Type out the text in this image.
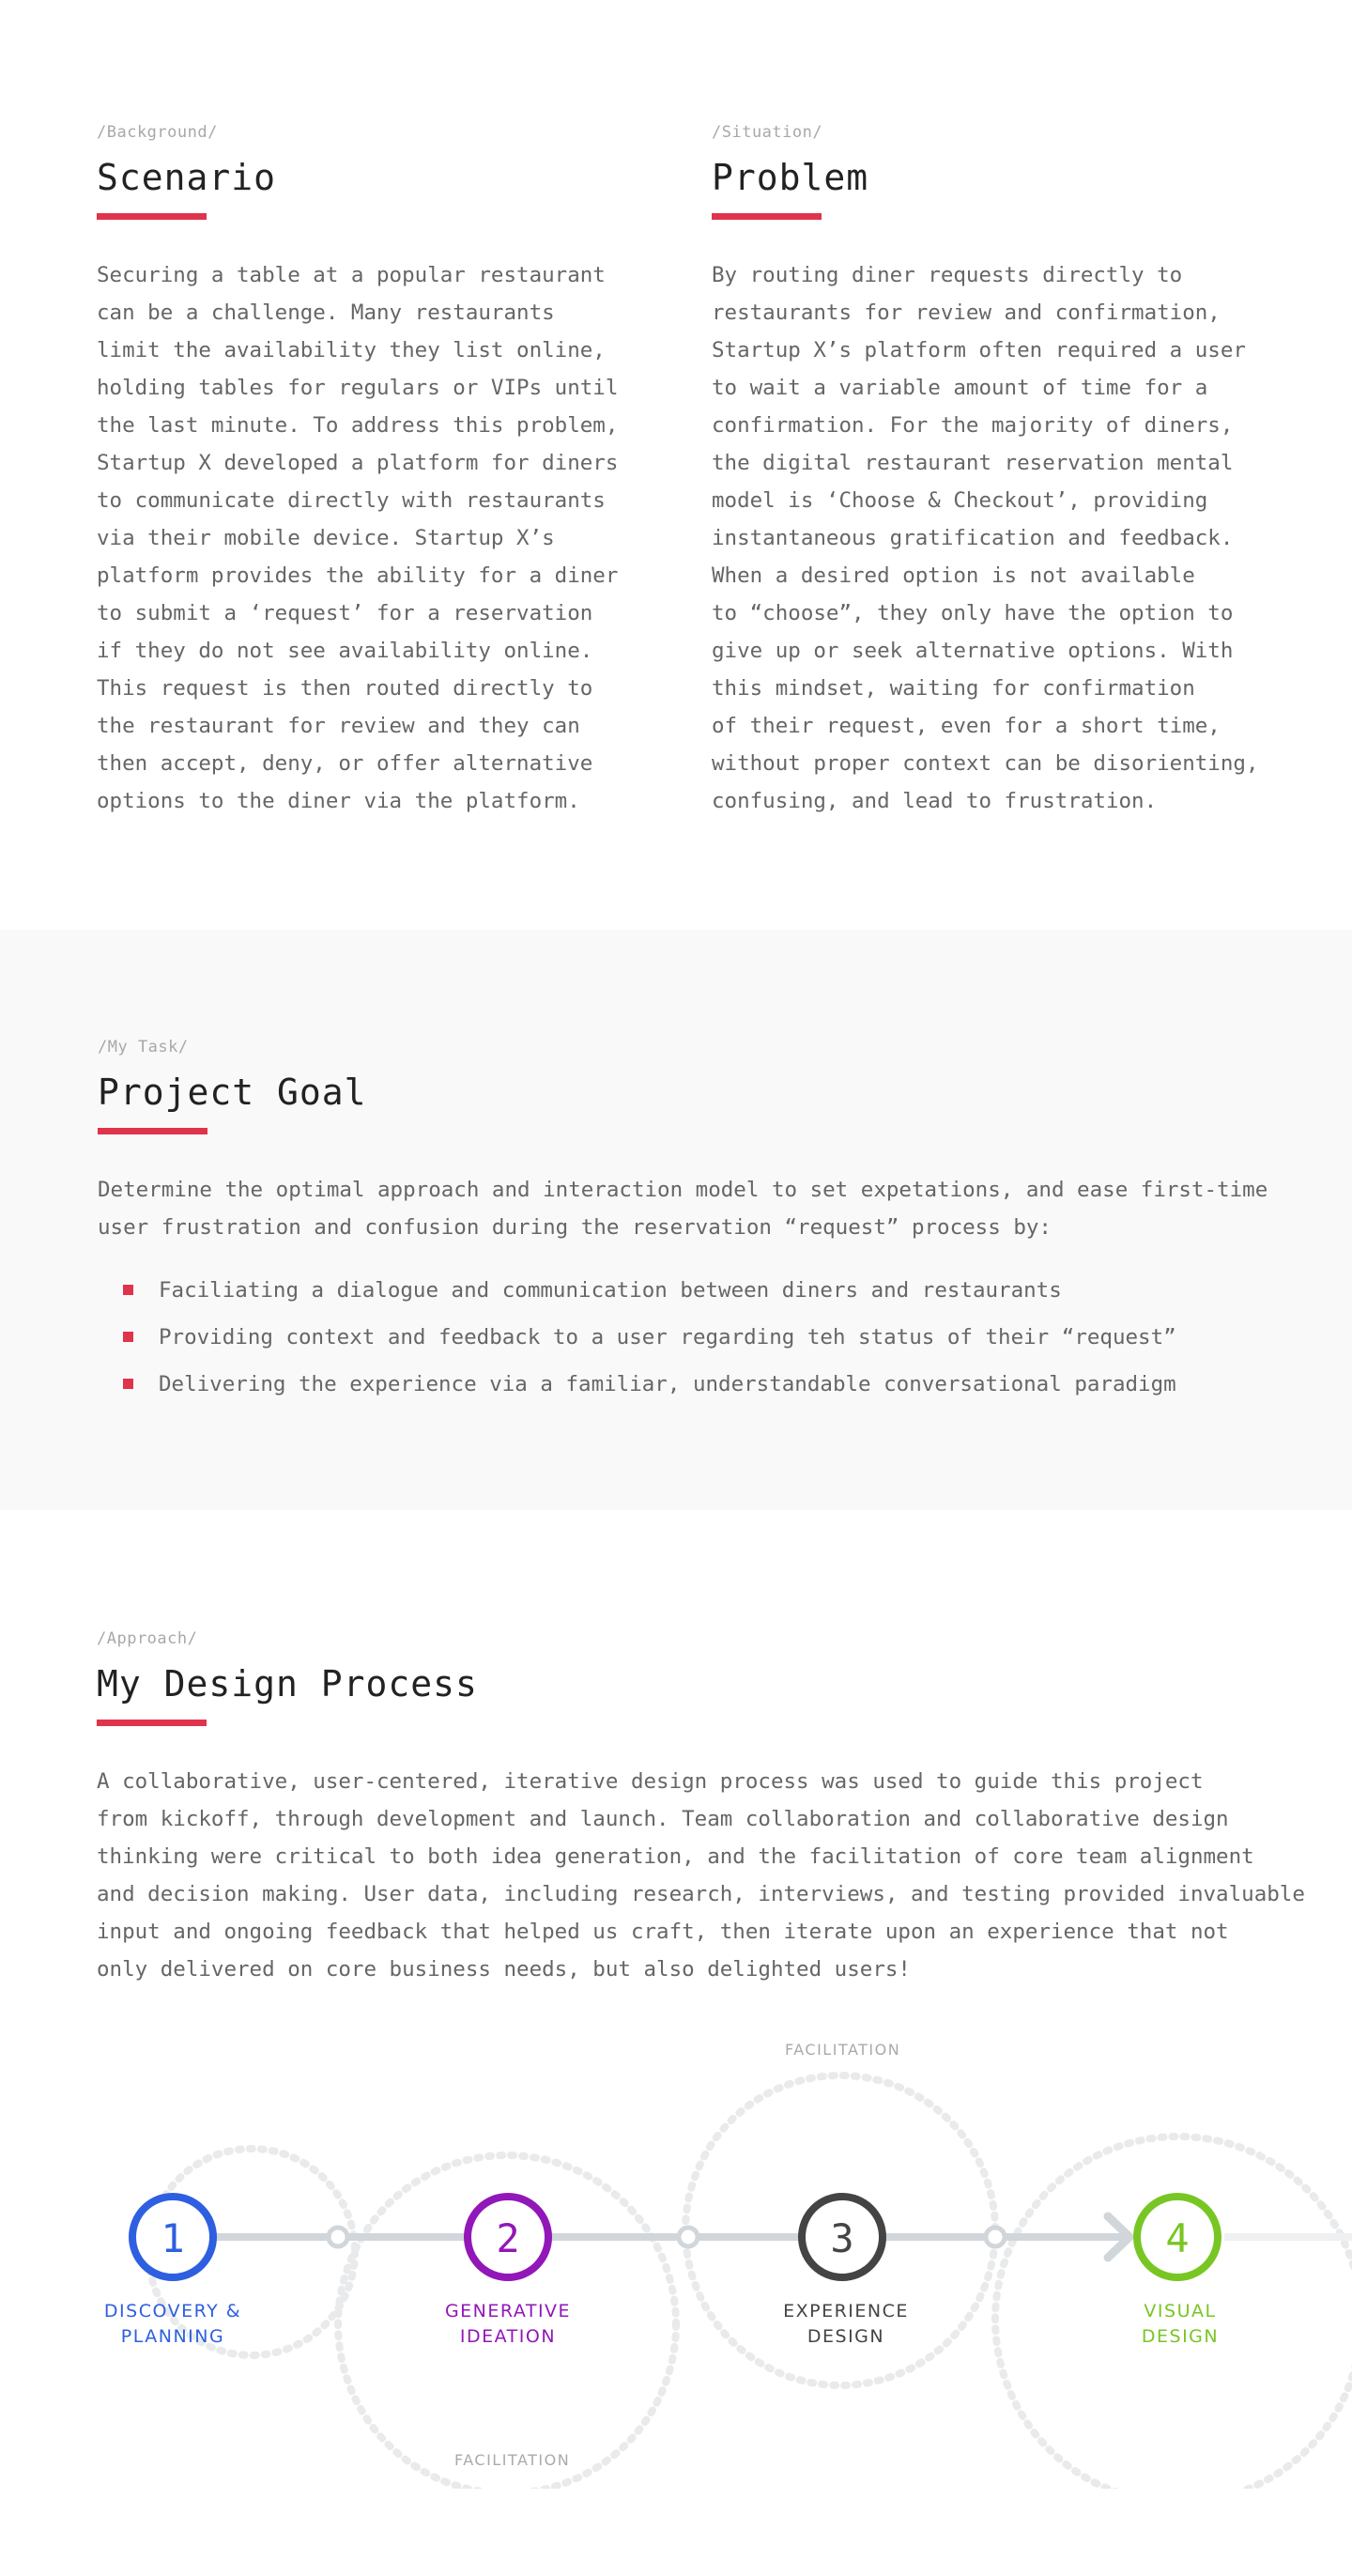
/Background/
Scenario
Securing a table at a popular restaurant
can be a challenge. Many restaurants
limit the availability they list online,
holding tables for regulars or VIPs until
the last minute. To address this problem,
Startup X developed a platform for diners
to communicate directly with restaurants
via their mobile device. Startup X’s
platform provides the ability for a diner
to submit a ‘request’ for a reservation
if they do not see availability online.
This request is then routed directly to
the restaurant for review and they can
then accept, deny, or offer alternative
options to the diner via the platform.
/Situation/
Problem
By routing diner requests directly to
restaurants for review and confirmation,
Startup X’s platform often required a user
to wait a variable amount of time for a
confirmation. For the majority of diners,
the digital restaurant reservation mental
model is ‘Choose & Checkout’, providing
instantaneous gratification and feedback.
When a desired option is not available
to “choose”, they only have the option to
give up or seek alternative options. With
this mindset, waiting for confirmation
of their request, even for a short time,
without proper context can be disorienting,
confusing, and lead to frustration.
/My Task/
Project Goal
Determine the optimal approach and interaction model to set expetations, and ease first-time
user frustration and confusion during the reservation “request” process by:
Faciliating a dialogue and communication between diners and restaurants
Providing context and feedback to a user regarding teh status of their “request”
Delivering the experience via a familiar, understandable conversational paradigm
/Approach/
My Design Process
A collaborative, user-centered, iterative design process was used to guide this project
from kickoff, through development and launch. Team collaboration and collaborative design
thinking were critical to both idea generation, and the facilitation of core team alignment
and decision making. User data, including research, interviews, and testing provided invaluable
input and ongoing feedback that helped us craft, then iterate upon an experience that not
only delivered on core business needs, but also delighted users!
1	2	3	4
FACILITATION
FACILITATION
DISCOVERY &
PLANNING
GENERATIVE
IDEATION
EXPERIENCE
DESIGN
VISUAL
DESIGN
